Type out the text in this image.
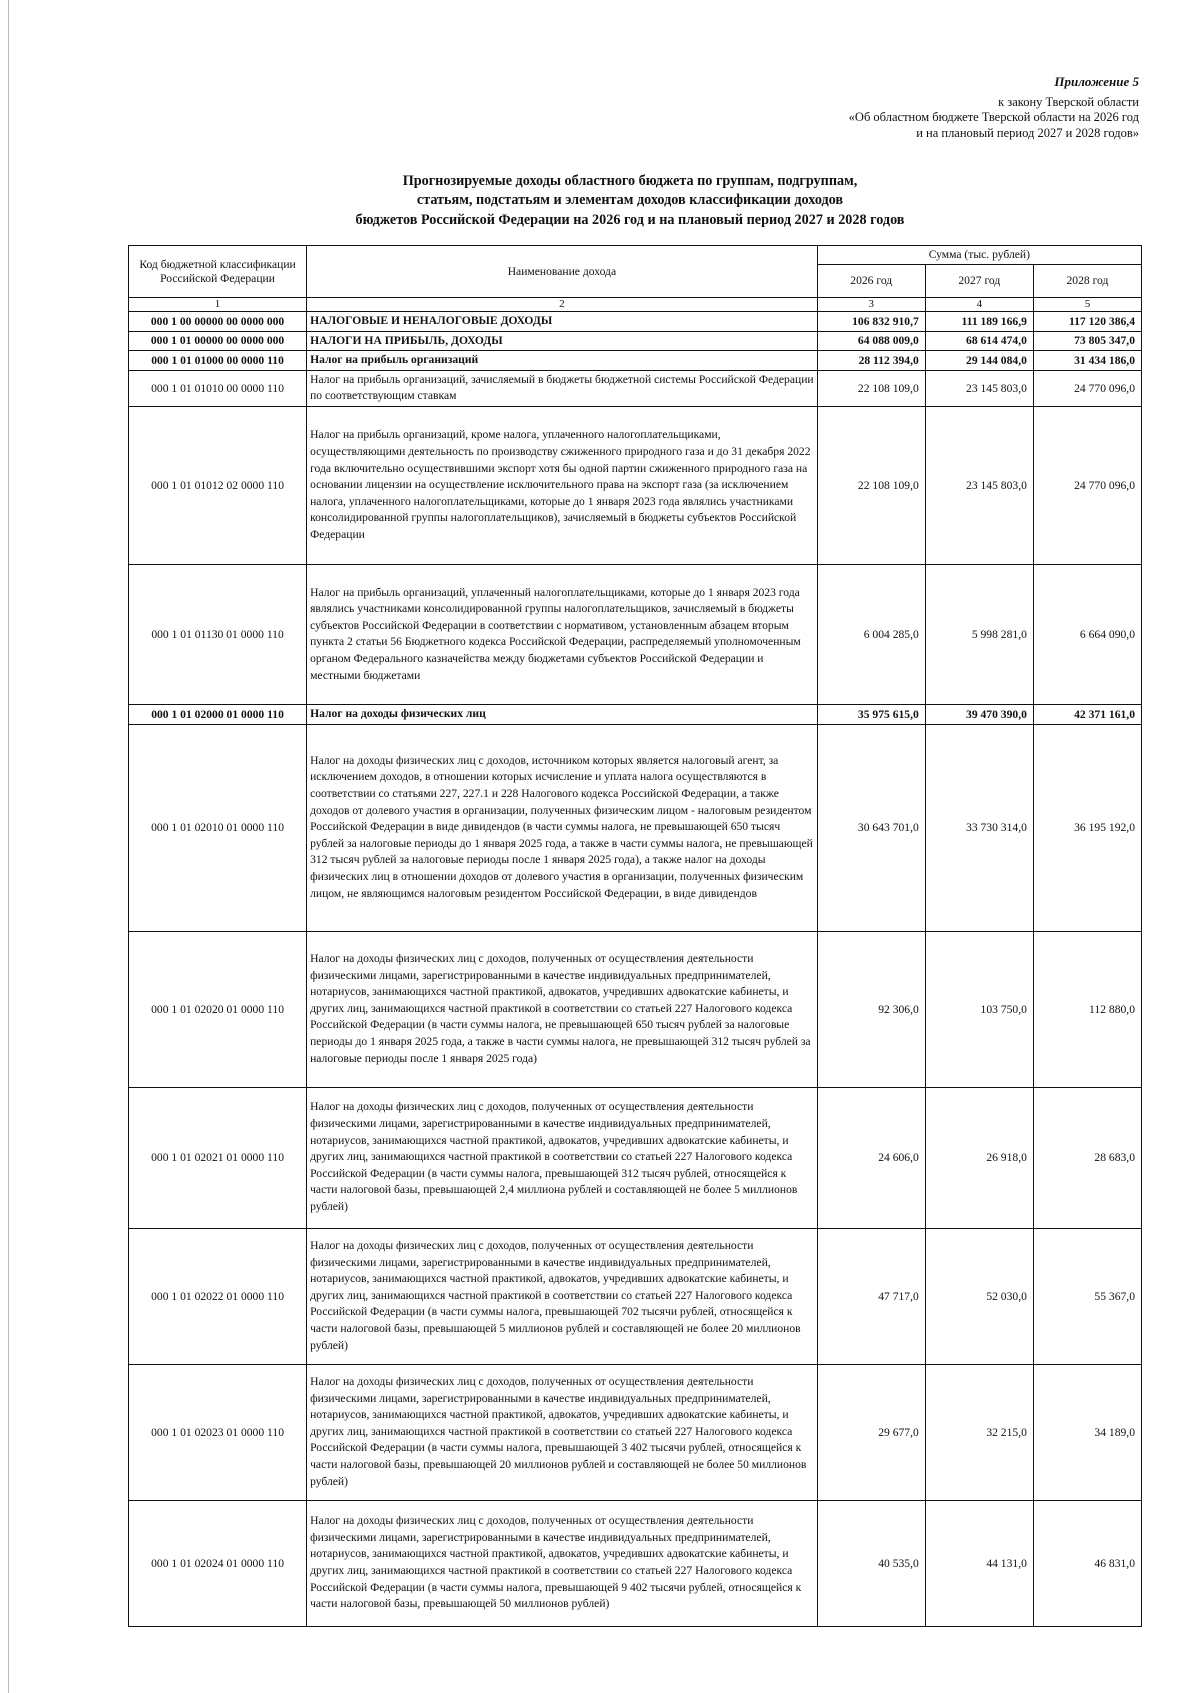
Приложение 5
к закону Тверской области
«Об областном бюджете Тверской области на 2026 год
и на плановый период 2027 и 2028 годов»
Прогнозируемые доходы областного бюджета по группам, подгруппам,
статьям, подстатьям и элементам доходов классификации доходов
бюджетов Российской Федерации на 2026 год и на плановый период 2027 и 2028 годов
Код бюджетной классификации Российской Федерации	Наименование дохода	Сумма (тыс. рублей)		
		2026 год	2027 год	2028 год
1	2	3	4	5
000 1 00 00000 00 0000 000	НАЛОГОВЫЕ И НЕНАЛОГОВЫЕ ДОХОДЫ	106 832 910,7	111 189 166,9	117 120 386,4
000 1 01 00000 00 0000 000	НАЛОГИ НА ПРИБЫЛЬ, ДОХОДЫ	64 088 009,0	68 614 474,0	73 805 347,0
000 1 01 01000 00 0000 110	Налог на прибыль организаций	28 112 394,0	29 144 084,0	31 434 186,0
000 1 01 01010 00 0000 110	Налог на прибыль организаций, зачисляемый в бюджеты бюджетной системы Российской Федерации по соответствующим ставкам	22 108 109,0	23 145 803,0	24 770 096,0
000 1 01 01012 02 0000 110	Налог на прибыль организаций, кроме налога, уплаченного налогоплательщиками, осуществляющими деятельность по производству сжиженного природного газа и до 31 декабря 2022 года включительно осуществившими экспорт хотя бы одной партии сжиженного природного газа на основании лицензии на осуществление исключительного права на экспорт газа (за исключением налога, уплаченного налогоплательщиками, которые до 1 января 2023 года являлись участниками консолидированной группы налогоплательщиков), зачисляемый в бюджеты субъектов Российской Федерации	22 108 109,0	23 145 803,0	24 770 096,0
000 1 01 01130 01 0000 110	Налог на прибыль организаций, уплаченный налогоплательщиками, которые до 1 января 2023 года являлись участниками консолидированной группы налогоплательщиков, зачисляемый в бюджеты субъектов Российской Федерации в соответствии с нормативом, установленным абзацем вторым пункта 2 статьи 56 Бюджетного кодекса Российской Федерации, распределяемый уполномоченным органом Федерального казначейства между бюджетами субъектов Российской Федерации и местными бюджетами	6 004 285,0	5 998 281,0	6 664 090,0
000 1 01 02000 01 0000 110	Налог на доходы физических лиц	35 975 615,0	39 470 390,0	42 371 161,0
000 1 01 02010 01 0000 110	Налог на доходы физических лиц с доходов, источником которых является налоговый агент, за исключением доходов, в отношении которых исчисление и уплата налога осуществляются в соответствии со статьями 227, 227.1 и 228 Налогового кодекса Российской Федерации, а также доходов от долевого участия в организации, полученных физическим лицом - налоговым резидентом Российской Федерации в виде дивидендов (в части суммы налога, не превышающей 650 тысяч рублей за налоговые периоды до 1 января 2025 года, а также в части суммы налога, не превышающей 312 тысяч рублей за налоговые периоды после 1 января 2025 года), а также налог на доходы физических лиц в отношении доходов от долевого участия в организации, полученных физическим лицом, не являющимся налоговым резидентом Российской Федерации, в виде дивидендов	30 643 701,0	33 730 314,0	36 195 192,0
000 1 01 02020 01 0000 110	Налог на доходы физических лиц с доходов, полученных от осуществления деятельности физическими лицами, зарегистрированными в качестве индивидуальных предпринимателей, нотариусов, занимающихся частной практикой, адвокатов, учредивших адвокатские кабинеты, и других лиц, занимающихся частной практикой в соответствии со статьей 227 Налогового кодекса Российской Федерации (в части суммы налога, не превышающей 650 тысяч рублей за налоговые периоды до 1 января 2025 года, а также в части суммы налога, не превышающей 312 тысяч рублей за налоговые периоды после 1 января 2025 года)	92 306,0	103 750,0	112 880,0
000 1 01 02021 01 0000 110	Налог на доходы физических лиц с доходов, полученных от осуществления деятельности физическими лицами, зарегистрированными в качестве индивидуальных предпринимателей, нотариусов, занимающихся частной практикой, адвокатов, учредивших адвокатские кабинеты, и других лиц, занимающихся частной практикой в соответствии со статьей 227 Налогового кодекса Российской Федерации (в части суммы налога, превышающей 312 тысяч рублей, относящейся к части налоговой базы, превышающей 2,4 миллиона рублей и составляющей не более 5 миллионов рублей)	24 606,0	26 918,0	28 683,0
000 1 01 02022 01 0000 110	Налог на доходы физических лиц с доходов, полученных от осуществления деятельности физическими лицами, зарегистрированными в качестве индивидуальных предпринимателей, нотариусов, занимающихся частной практикой, адвокатов, учредивших адвокатские кабинеты, и других лиц, занимающихся частной практикой в соответствии со статьей 227 Налогового кодекса Российской Федерации (в части суммы налога, превышающей 702 тысячи рублей, относящейся к части налоговой базы, превышающей 5 миллионов рублей и составляющей не более 20 миллионов рублей)	47 717,0	52 030,0	55 367,0
000 1 01 02023 01 0000 110	Налог на доходы физических лиц с доходов, полученных от осуществления деятельности физическими лицами, зарегистрированными в качестве индивидуальных предпринимателей, нотариусов, занимающихся частной практикой, адвокатов, учредивших адвокатские кабинеты, и других лиц, занимающихся частной практикой в соответствии со статьей 227 Налогового кодекса Российской Федерации (в части суммы налога, превышающей 3 402 тысячи рублей, относящейся к части налоговой базы, превышающей 20 миллионов рублей и составляющей не более 50 миллионов рублей)	29 677,0	32 215,0	34 189,0
000 1 01 02024 01 0000 110	Налог на доходы физических лиц с доходов, полученных от осуществления деятельности физическими лицами, зарегистрированными в качестве индивидуальных предпринимателей, нотариусов, занимающихся частной практикой, адвокатов, учредивших адвокатские кабинеты, и других лиц, занимающихся частной практикой в соответствии со статьей 227 Налогового кодекса Российской Федерации (в части суммы налога, превышающей 9 402 тысячи рублей, относящейся к части налоговой базы, превышающей 50 миллионов рублей)	40 535,0	44 131,0	46 831,0
